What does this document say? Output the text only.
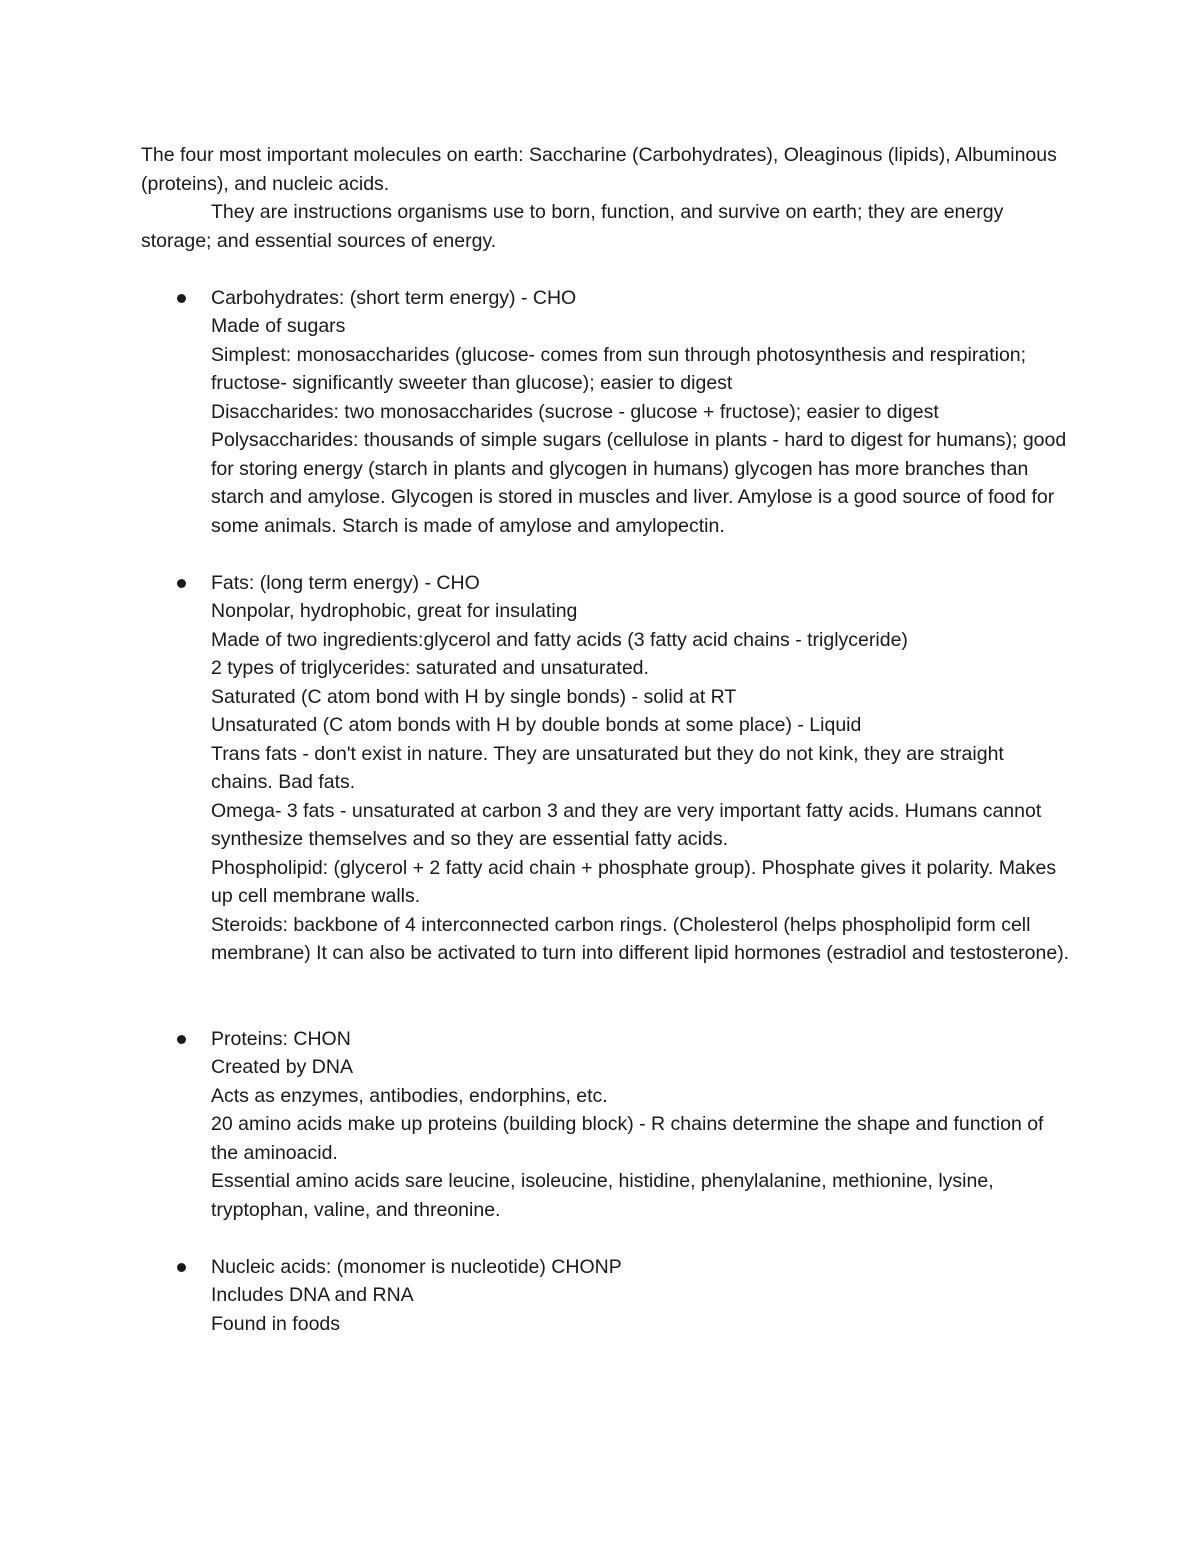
The four most important molecules on earth: Saccharine (Carbohydrates), Oleaginous (lipids), Albuminous (proteins), and nucleic acids.

They are instructions organisms use to born, function, and survive on earth; they are energy storage; and essential sources of energy.

Carbohydrates: (short term energy) - CHO
Made of sugars
Simplest: monosaccharides (glucose- comes from sun through photosynthesis and respiration; fructose- significantly sweeter than glucose); easier to digest
Disaccharides: two monosaccharides (sucrose - glucose + fructose); easier to digest
Polysaccharides: thousands of simple sugars (cellulose in plants - hard to digest for humans); good for storing energy (starch in plants and glycogen in humans) glycogen has more branches than starch and amylose. Glycogen is stored in muscles and liver. Amylose is a good source of food for some animals. Starch is made of amylose and amylopectin.
Fats: (long term energy) - CHO
Nonpolar, hydrophobic, great for insulating
Made of two ingredients:glycerol and fatty acids (3 fatty acid chains - triglyceride)
2 types of triglycerides: saturated and unsaturated.
Saturated (C atom bond with H by single bonds) - solid at RT
Unsaturated (C atom bonds with H by double bonds at some place) - Liquid
Trans fats - don't exist in nature. They are unsaturated but they do not kink, they are straight chains. Bad fats.
Omega- 3 fats - unsaturated at carbon 3 and they are very important fatty acids. Humans cannot synthesize themselves and so they are essential fatty acids.
Phospholipid: (glycerol + 2 fatty acid chain + phosphate group). Phosphate gives it polarity. Makes up cell membrane walls.
Steroids: backbone of 4 interconnected carbon rings. (Cholesterol (helps phospholipid form cell membrane) It can also be activated to turn into different lipid hormones (estradiol and testosterone).
Proteins: CHON
Created by DNA
Acts as enzymes, antibodies, endorphins, etc.
20 amino acids make up proteins (building block) - R chains determine the shape and function of the aminoacid.
Essential amino acids sare leucine, isoleucine, histidine, phenylalanine, methionine, lysine, tryptophan, valine, and threonine.
Nucleic acids: (monomer is nucleotide) CHONP
Includes DNA and RNA
Found in foods
